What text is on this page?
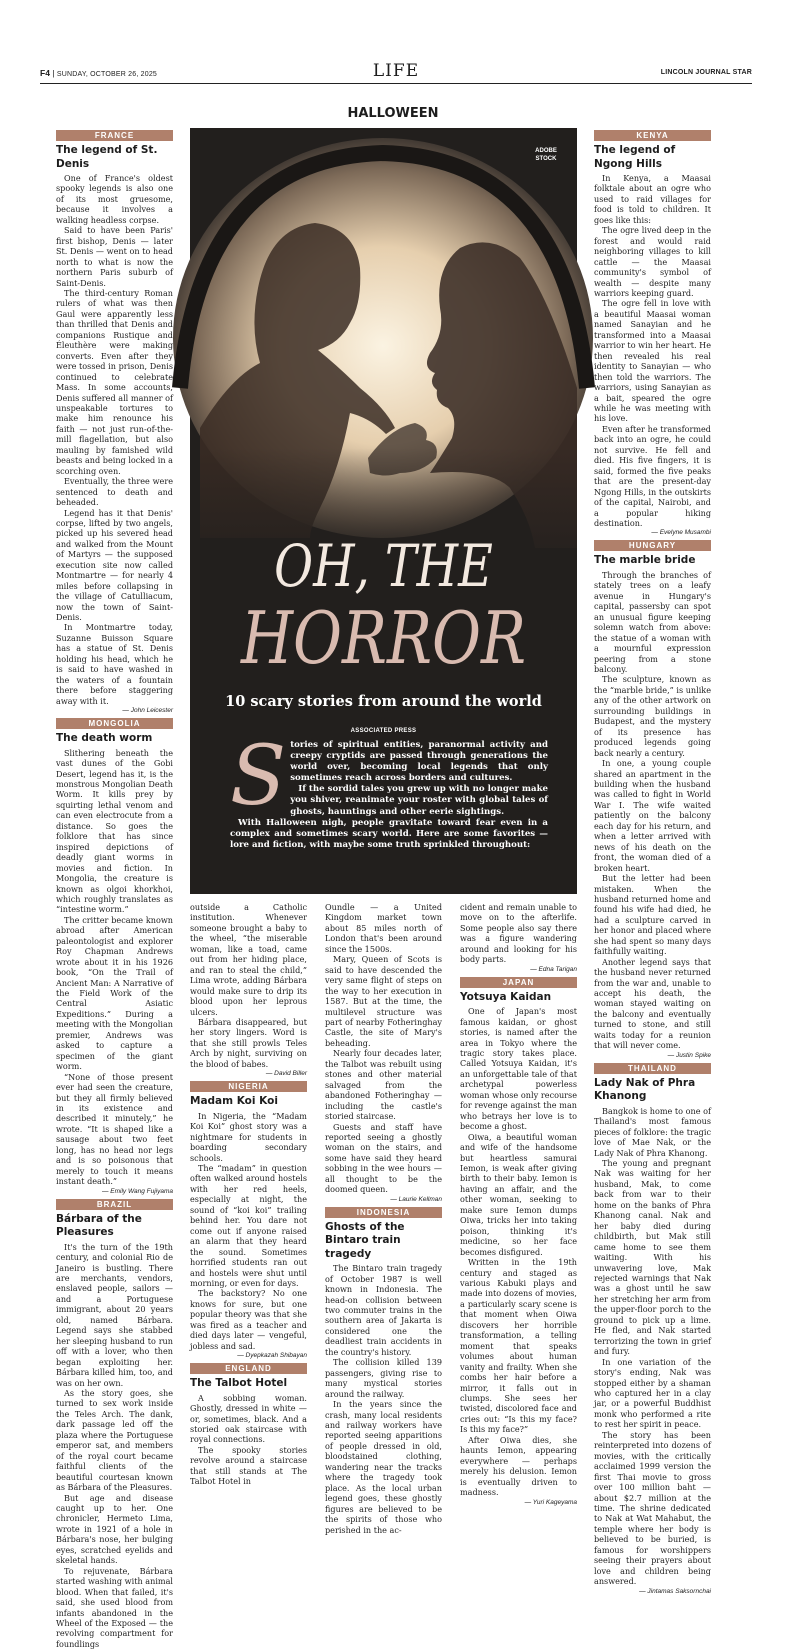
F4 | SUNDAY, OCTOBER 26, 2025	LIFE	LINCOLN JOURNAL STAR
HALLOWEEN
FRANCE
The legend of St. Denis

One of France's oldest spooky legends is also one of its most gruesome, because it involves a walking headless corpse.

Said to have been Paris' first bishop, Denis — later St. Denis — went on to head north to what is now the northern Paris suburb of Saint-Denis.

The third-century Roman rulers of what was then Gaul were apparently less than thrilled that Denis and companions Rustique and Éleuthère were making converts. Even after they were tossed in prison, Denis continued to celebrate Mass. In some accounts, Denis suffered all manner of unspeakable tortures to make him renounce his faith — not just run-of-the-mill flagellation, but also mauling by famished wild beasts and being locked in a scorching oven.

Eventually, the three were sentenced to death and beheaded.

Legend has it that Denis' corpse, lifted by two angels, picked up his severed head and walked from the Mount of Martyrs — the supposed execution site now called Montmartre — for nearly 4 miles before collapsing in the village of Catulliacum, now the town of Saint-Denis.

In Montmartre today, Suzanne Buisson Square has a statue of St. Denis holding his head, which he is said to have washed in the waters of a fountain there before staggering away with it.

— John Leicester
MONGOLIA
The death worm

Slithering beneath the vast dunes of the Gobi Desert, legend has it, is the monstrous Mongolian Death Worm. It kills prey by squirting lethal venom and can even electrocute from a distance. So goes the folklore that has since inspired depictions of deadly giant worms in movies and fiction. In Mongolia, the creature is known as olgoi khorkhoi, which roughly translates as “intestine worm.”

The critter became known abroad after American paleontologist and explorer Roy Chapman Andrews wrote about it in his 1926 book, “On the Trail of Ancient Man: A Narrative of the Field Work of the Central Asiatic Expeditions.” During a meeting with the Mongolian premier, Andrews was asked to capture a specimen of the giant worm.

“None of those present ever had seen the creature, but they all firmly believed in its existence and described it minutely,” he wrote. “It is shaped like a sausage about two feet long, has no head nor legs and is so poisonous that merely to touch it means instant death.”

— Emily Wang Fujiyama
BRAZIL
Bárbara of the Pleasures

It's the turn of the 19th century, and colonial Rio de Janeiro is bustling. There are merchants, vendors, enslaved people, sailors — and a Portuguese immigrant, about 20 years old, named Bárbara. Legend says she stabbed her sleeping husband to run off with a lover, who then began exploiting her. Bárbara killed him, too, and was on her own.

As the story goes, she turned to sex work inside the Teles Arch. The dank, dark passage led off the plaza where the Portuguese emperor sat, and members of the royal court became faithful clients of the beautiful courtesan known as Bárbara of the Pleasures.

But age and disease caught up to her. One chronicler, Hermeto Lima, wrote in 1921 of a hole in Bárbara's nose, her bulging eyes, scratched eyelids and skeletal hands.

To rejuvenate, Bárbara started washing with animal blood. When that failed, it's said, she used blood from infants abandoned in the Wheel of the Exposed — the revolving compartment for foundlings

ADOBE STOCK
OH, THE
HORROR
10 scary stories from around the world
ASSOCIATED PRESS
S tories of spiritual entities, paranormal activity and creepy cryptids are passed through generations the world over, becoming local legends that only sometimes reach across borders and cultures.

If the sordid tales you grew up with no longer make you shiver, reanimate your roster with global tales of ghosts, hauntings and other eerie sightings.

With Halloween nigh, people gravitate toward fear even in a complex and sometimes scary world. Here are some favorites — lore and fiction, with maybe some truth sprinkled throughout:

outside a Catholic institution. Whenever someone brought a baby to the wheel, “the miserable woman, like a toad, came out from her hiding place, and ran to steal the child,” Lima wrote, adding Bárbara would make sure to drip its blood upon her leprous ulcers.

Bárbara disappeared, but her story lingers. Word is that she still prowls Teles Arch by night, surviving on the blood of babes.

— David Biller
NIGERIA
Madam Koi Koi

In Nigeria, the “Madam Koi Koi” ghost story was a nightmare for students in boarding secondary schools.

The “madam” in question often walked around hostels with her red heels, especially at night, the sound of “koi koi” trailing behind her. You dare not come out if anyone raised an alarm that they heard the sound. Sometimes horrified students ran out and hostels were shut until morning, or even for days.

The backstory? No one knows for sure, but one popular theory was that she was fired as a teacher and died days later — vengeful, jobless and sad.

— Dyepkazah Shibayan
ENGLAND
The Talbot Hotel

A sobbing woman. Ghostly, dressed in white — or, sometimes, black. And a storied oak staircase with royal connections.

The spooky stories revolve around a staircase that still stands at The Talbot Hotel in

Oundle — a United Kingdom market town about 85 miles north of London that's been around since the 1500s.

Mary, Queen of Scots is said to have descended the very same flight of steps on the way to her execution in 1587. But at the time, the multilevel structure was part of nearby Fotheringhay Castle, the site of Mary's beheading.

Nearly four decades later, the Talbot was rebuilt using stones and other material salvaged from the abandoned Fotheringhay — including the castle's storied staircase.

Guests and staff have reported seeing a ghostly woman on the stairs, and some have said they heard sobbing in the wee hours — all thought to be the doomed queen.

— Laurie Kellman
INDONESIA
Ghosts of the Bintaro train tragedy

The Bintaro train tragedy of October 1987 is well known in Indonesia. The head-on collision between two commuter trains in the southern area of Jakarta is considered one the deadliest train accidents in the country's history.

The collision killed 139 passengers, giving rise to many mystical stories around the railway.

In the years since the crash, many local residents and railway workers have reported seeing apparitions of people dressed in old, bloodstained clothing, wandering near the tracks where the tragedy took place. As the local urban legend goes, these ghostly figures are believed to be the spirits of those who perished in the ac-

cident and remain unable to move on to the afterlife. Some people also say there was a figure wandering around and looking for his body parts.

— Edna Tarigan
JAPAN
Yotsuya Kaidan

One of Japan's most famous kaidan, or ghost stories, is named after the area in Tokyo where the tragic story takes place. Called Yotsuya Kaidan, it's an unforgettable tale of that archetypal powerless woman whose only recourse for revenge against the man who betrays her love is to become a ghost.

Oiwa, a beautiful woman and wife of the handsome but heartless samurai Iemon, is weak after giving birth to their baby. Iemon is having an affair, and the other woman, seeking to make sure Iemon dumps Oiwa, tricks her into taking poison, thinking it's medicine, so her face becomes disfigured.

Written in the 19th century and staged as various Kabuki plays and made into dozens of movies, a particularly scary scene is that moment when Oiwa discovers her horrible transformation, a telling moment that speaks volumes about human vanity and frailty. When she combs her hair before a mirror, it falls out in clumps. She sees her twisted, discolored face and cries out: “Is this my face? Is this my face?”

After Oiwa dies, she haunts Iemon, appearing everywhere — perhaps merely his delusion. Iemon is eventually driven to madness.

— Yuri Kageyama
KENYA
The legend of Ngong Hills

In Kenya, a Maasai folktale about an ogre who used to raid villages for food is told to children. It goes like this:

The ogre lived deep in the forest and would raid neighboring villages to kill cattle — the Maasai community's symbol of wealth — despite many warriors keeping guard.

The ogre fell in love with a beautiful Maasai woman named Sanayian and he transformed into a Maasai warrior to win her heart. He then revealed his real identity to Sanayian — who then told the warriors. The warriors, using Sanayian as a bait, speared the ogre while he was meeting with his love.

Even after he transformed back into an ogre, he could not survive. He fell and died. His five fingers, it is said, formed the five peaks that are the present-day Ngong Hills, in the outskirts of the capital, Nairobi, and a popular hiking destination.

— Evelyne Musambi
HUNGARY
The marble bride

Through the branches of stately trees on a leafy avenue in Hungary's capital, passersby can spot an unusual figure keeping solemn watch from above: the statue of a woman with a mournful expression peering from a stone balcony.

The sculpture, known as the “marble bride,” is unlike any of the other artwork on surrounding buildings in Budapest, and the mystery of its presence has produced legends going back nearly a century.

In one, a young couple shared an apartment in the building when the husband was called to fight in World War I. The wife waited patiently on the balcony each day for his return, and when a letter arrived with news of his death on the front, the woman died of a broken heart.

But the letter had been mistaken. When the husband returned home and found his wife had died, he had a sculpture carved in her honor and placed where she had spent so many days faithfully waiting.

Another legend says that the husband never returned from the war and, unable to accept his death, the woman stayed waiting on the balcony and eventually turned to stone, and still waits today for a reunion that will never come.

— Justin Spike
THAILAND
Lady Nak of Phra Khanong

Bangkok is home to one of Thailand's most famous pieces of folklore: the tragic love of Mae Nak, or the Lady Nak of Phra Khanong.

The young and pregnant Nak was waiting for her husband, Mak, to come back from war to their home on the banks of Phra Khanong canal. Nak and her baby died during childbirth, but Mak still came home to see them waiting. With his unwavering love, Mak rejected warnings that Nak was a ghost until he saw her stretching her arm from the upper-floor porch to the ground to pick up a lime. He fled, and Nak started terrorizing the town in grief and fury.

In one variation of the story's ending, Nak was stopped either by a shaman who captured her in a clay jar, or a powerful Buddhist monk who performed a rite to rest her spirit in peace.

The story has been reinterpreted into dozens of movies, with the critically acclaimed 1999 version the first Thai movie to gross over 100 million baht — about $2.7 million at the time. The shrine dedicated to Nak at Wat Mahabut, the temple where her body is believed to be buried, is famous for worshippers seeing their prayers about love and children being answered.

— Jintamas Saksornchai
